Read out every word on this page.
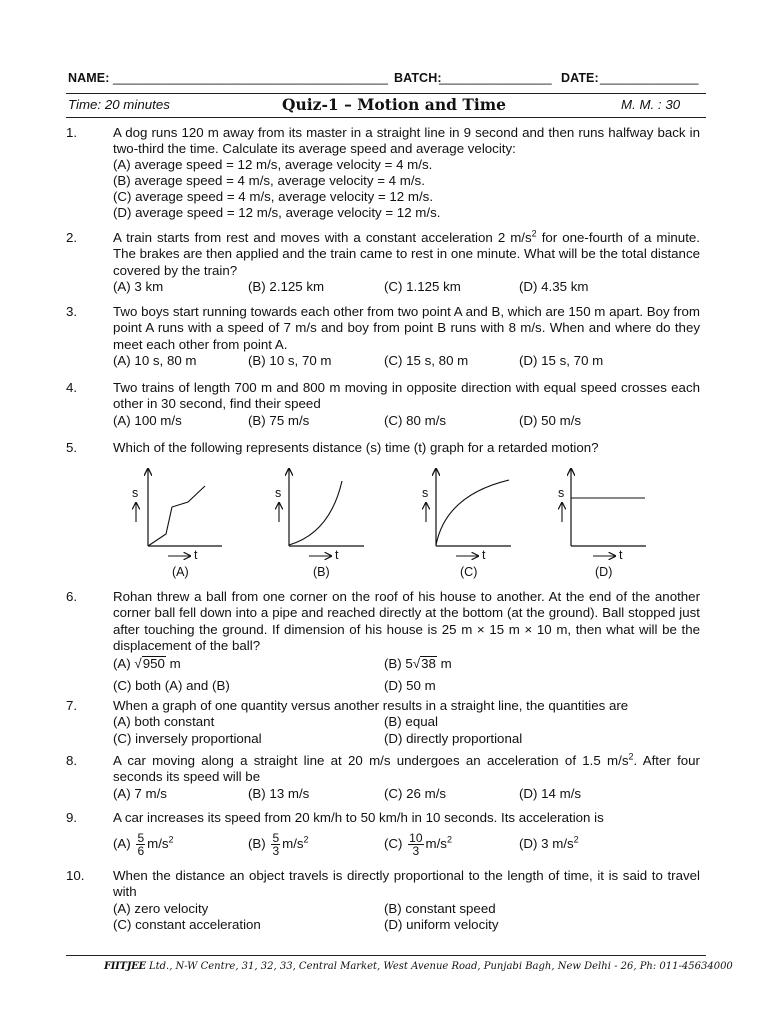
NAME: _______________________________________ BATCH:
________________ DATE: ______________
Time: 20 minutes	Quiz-1 – Motion and Time	M. M. : 30
1.	A dog runs 120 m away from its master in a straight line in 9 second and then runs halfway back in two-third the time. Calculate its average speed and average velocity:
(A) average speed = 12 m/s, average velocity = 4 m/s.
(B) average speed = 4 m/s, average velocity = 4 m/s.
(C) average speed = 4 m/s, average velocity = 12 m/s.
(D) average speed = 12 m/s, average velocity = 12 m/s.
2.	A train starts from rest and moves with a constant acceleration 2 $m/s^2$ for one-fourth of a minute. The brakes are then applied and the train came to rest in one minute. What will be the total distance covered by the train?
(A) 3 km	(B) 2.125 km	(C) 1.125 km	(D) 4.35 km
3.	Two boys start running towards each other from two point A and B, which are 150 m apart. Boy from point A runs with a speed of 7 m/s and boy from point B runs with 8 m/s. When and where do they meet each other from point A.
(A) 10 s, 80 m	(B) 10 s, 70 m	(C) 15 s, 80 m	(D) 15 s, 70 m
4.	Two trains of length 700 m and 800 m moving in opposite direction with equal speed crosses each other in 30 second, find their speed
(A) 100 m/s	(B) 75 m/s	(C) 80 m/s	(D) 50 m/s
5.	Which of the following represents distance (s) time (t) graph for a retarded motion?
s
t
s
t
s
t
s
t
(A)	(B)	(C)	(D)
6.	Rohan threw a ball from one corner on the roof of his house to another. At the end of the another corner ball fell down into a pipe and reached directly at the bottom (at the ground). Ball stopped just after touching the ground. If dimension of his house is 25 m × 15 m × 10 m, then what will be the displacement of the ball?
(A) √950 m	(B) 5√38 m
(C) both (A) and (B)	(D) 50 m
7.	When a graph of one quantity versus another results in a straight line, the quantities are
(A) both constant	(B) equal
(C) inversely proportional	(D) directly proportional
8.	A car moving along a straight line at 20 m/s undergoes an acceleration of 1.5 $m/s^2$. After four seconds its speed will be
(A) 7 m/s	(B) 13 m/s	(C) 26 m/s	(D) 14 m/s
9.	A car increases its speed from 20 km/h to 50 km/h in 10 seconds. Its acceleration is
$(A) \frac{5}{6} m/s^2$	$(B) \frac{5}{3} m/s^2$	$(C) \frac{10}{3} m/s^2$	(D) 3 $m/s^2$
10. When the distance an object travels is directly proportional to the length of time, it is said to travel with
(A) zero velocity	(B) constant speed
(C) constant acceleration	(D) uniform velocity
FIITJEE Ltd., N-W Centre, 31, 32, 33, Central Market, West Avenue Road, Punjabi Bagh, New Delhi - 26, Ph: 011-45634000
